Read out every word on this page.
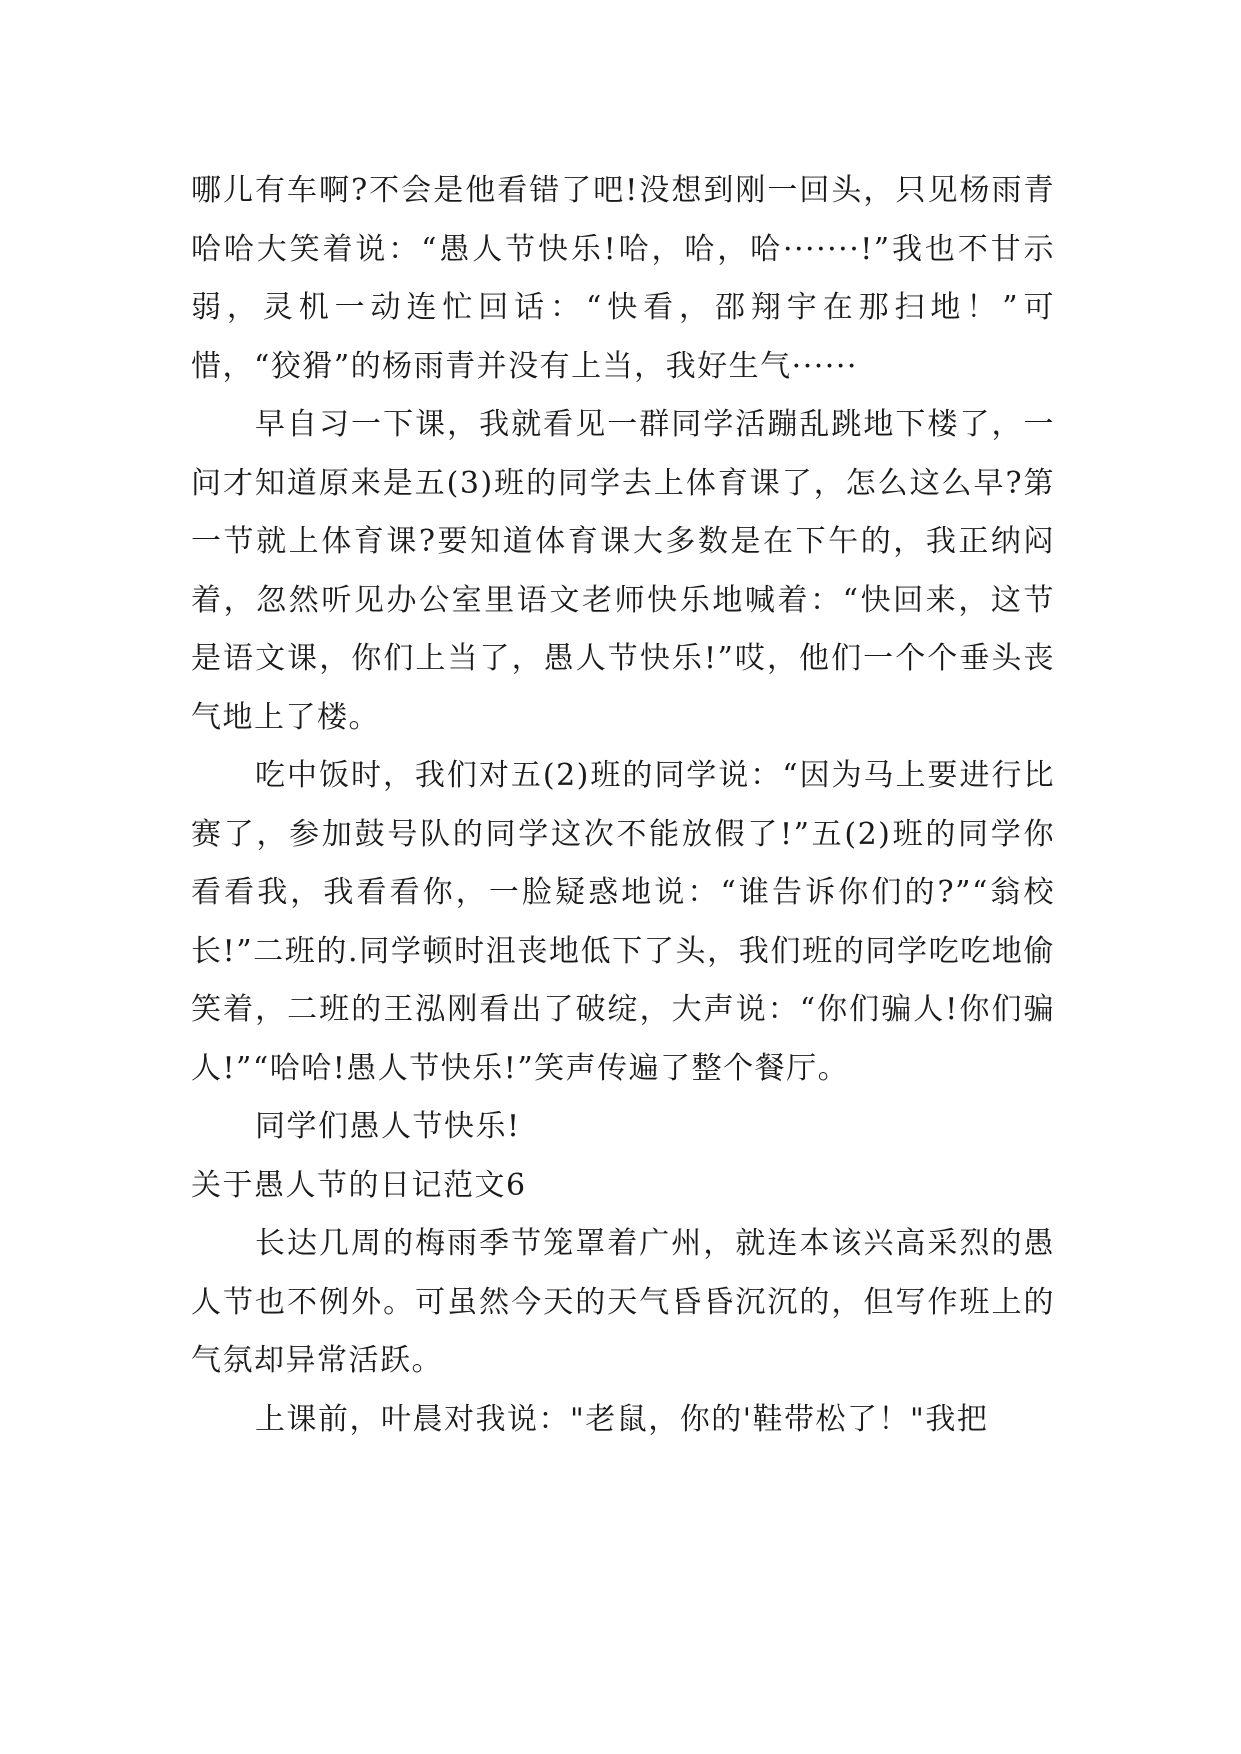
哪儿有车啊?不会是他看错了吧!没想到刚一回头，只见杨雨青哈哈大笑着说：“愚人节快乐!哈，哈，哈·······!”我也不甘示弱，灵机一动连忙回话：“快看，邵翔宇在那扫地！”可惜，“狡猾”的杨雨青并没有上当，我好生气······

早自习一下课，我就看见一群同学活蹦乱跳地下楼了，一问才知道原来是五(3)班的同学去上体育课了，怎么这么早?第一节就上体育课?要知道体育课大多数是在下午的，我正纳闷着，忽然听见办公室里语文老师快乐地喊着：“快回来，这节是语文课，你们上当了，愚人节快乐!”哎，他们一个个垂头丧气地上了楼。

吃中饭时，我们对五(2)班的同学说：“因为马上要进行比赛了，参加鼓号队的同学这次不能放假了!”五(2)班的同学你看看我，我看看你，一脸疑惑地说：“谁告诉你们的?”“翁校长!”二班的.同学顿时沮丧地低下了头，我们班的同学吃吃地偷笑着，二班的王泓刚看出了破绽，大声说：“你们骗人!你们骗人!”“哈哈!愚人节快乐!”笑声传遍了整个餐厅。

同学们愚人节快乐!

关于愚人节的日记范文6

长达几周的梅雨季节笼罩着广州，就连本该兴高采烈的愚人节也不例外。可虽然今天的天气昏昏沉沉的，但写作班上的气氛却异常活跃。

上课前，叶晨对我说："老鼠，你的'鞋带松了！"我把
